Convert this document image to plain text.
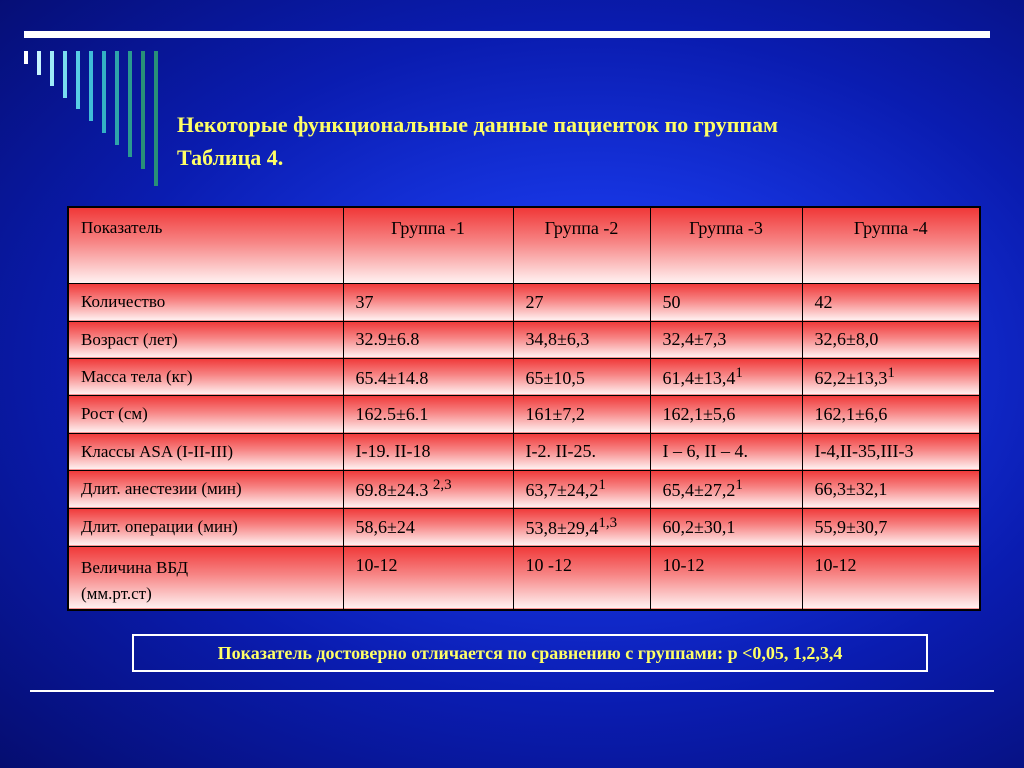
Некоторые функциональные данные пациенток по группам
Таблица 4.
Показатель	Группа -1	Группа -2	Группа -3	Группа -4
Количество	37	27	50	42
Возраст (лет)	32.9±6.8	34,8±6,3	32,4±7,3	32,6±8,0
Масса тела (кг)	65.4±14.8	65±10,5	$61,4\pm 13,4^1$	$62,2\pm 13,3^1$
Рост (см)	162.5±6.1	161±7,2	162,1±5,6	162,1±6,6
Классы ASA (I-II-III)	I-19. II-18	I-2. II-25.	I – 6, II – 4.	I-4,II-35,III-3
Длит. анестезии (мин)	69.8±24.3 $^{2,3}$	$63,7\pm 24,2^1$	$65,4\pm 27,2^1$	66,3±32,1
Длит. операции (мин)	58,6±24	$53,8\pm 29,4^{1,3}$	60,2±30,1	55,9±30,7

Величина ВБД
(мм.рт.ст)	10-12	10 -12	10-12	10-12
Показатель достоверно отличается по сравнению с группами: p <0,05, 1,2,3,4
